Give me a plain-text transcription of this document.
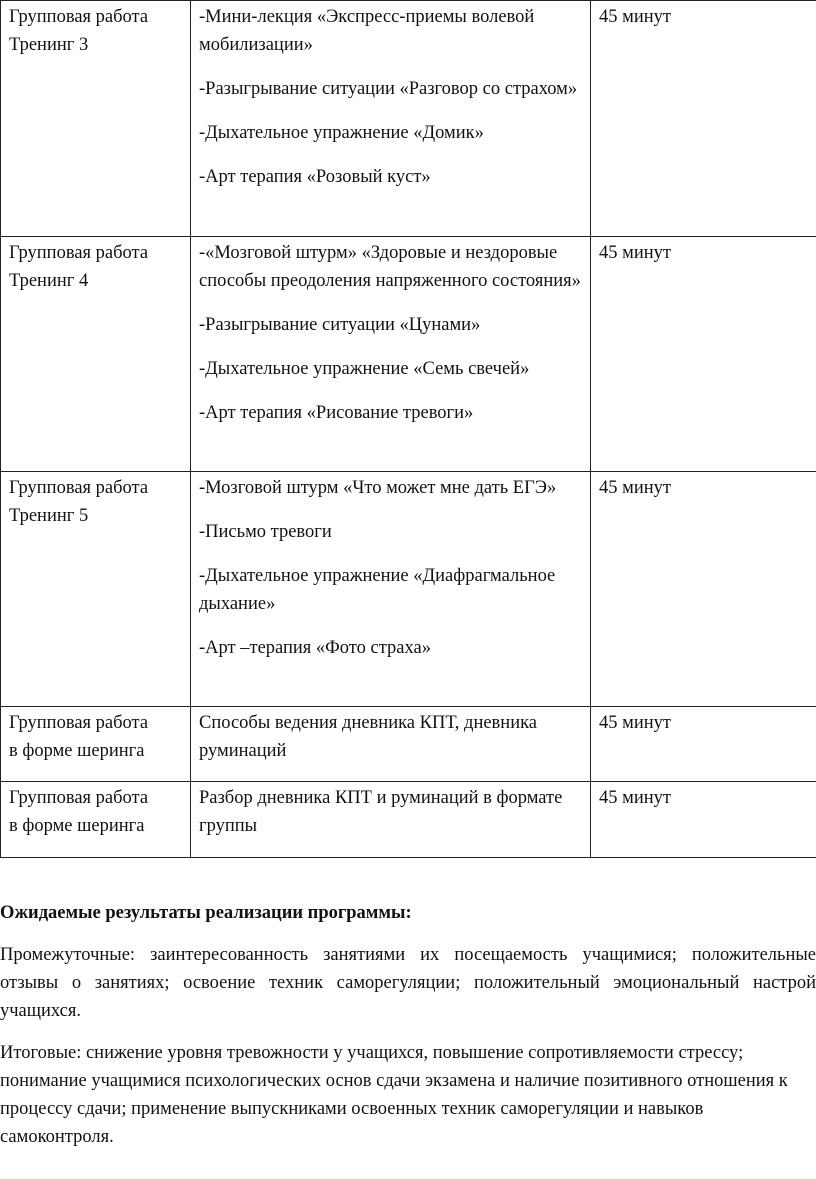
Групповая работа
Тренинг 3	-Мини-лекция «Экспресс-приемы волевой мобилизации»
-Разыгрывание ситуации «Разговор со страхом»
-Дыхательное упражнение «Домик»
-Арт терапия «Розовый куст»	45 минут

Групповая работа
Тренинг 4	-«Мозговой штурм» «Здоровые и нездоровые способы преодоления напряженного состояния»
-Разыгрывание ситуации «Цунами»
-Дыхательное упражнение «Семь свечей»
-Арт терапия «Рисование тревоги»	45 минут

Групповая работа
Тренинг 5	-Мозговой штурм «Что может мне дать ЕГЭ»
-Письмо тревоги
-Дыхательное упражнение «Диафрагмальное дыхание»
-Арт –терапия «Фото страха»	45 минут

Групповая работа
в форме шеринга	Способы ведения дневника КПТ, дневника руминаций	45 минут

Групповая работа
в форме шеринга	Разбор дневника КПТ и руминаций в формате группы	45 минут
Ожидаемые результаты реализации программы:

Промежуточные: заинтересованность занятиями их посещаемость учащимися; положительные отзывы о занятиях; освоение техник саморегуляции; положительный эмоциональный настрой учащихся.

Итоговые: снижение уровня тревожности у учащихся, повышение сопротивляемости стрессу; понимание учащимися психологических основ сдачи экзамена и наличие позитивного отношения к процессу сдачи; применение выпускниками освоенных техник саморегуляции и навыков самоконтроля.
